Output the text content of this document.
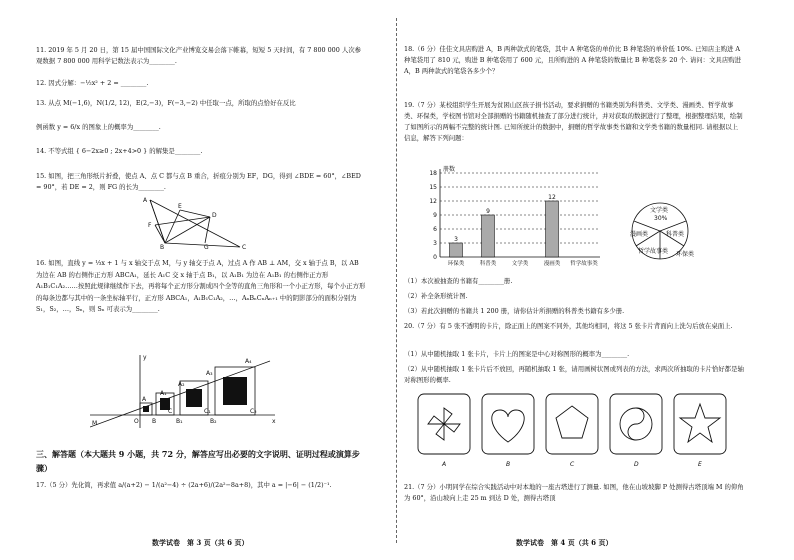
11. 2019 年 5 月 20 日，第 15 届中国国际文化产业博览交易会落下帷幕，短短 5 天时间，有 7 800 000 人次参观数据 7 800 000 用科学记数法表示为________.
12. 因式分解：−½x² + 2 = ________.
13. 从点 M(−1,6)，N(1/2, 12)，E(2,−3)，F(−3,−2) 中任取一点，所取的点恰好在反比
例函数 y = 6/x 的图象上的概率为________.
14. 不等式组 { 6−2x≥0 ; 2x+4>0 } 的解集是________.
15. 如图，把三角形纸片折叠，使点 A、点 C 都与点 B 重合，折痕分别为 EF，DG，得到 ∠BDE = 60°，∠BED = 90°，若 DE = 2，则 FG 的长为________.
A
E
D
F
B	G	C
16. 如图，直线 y = ⅓x + 1 与 x 轴交于点 M，与 y 轴交于点 A，过点 A 作 AB ⊥ AM，交 x 轴于点 B，以 AB 为边在 AB 的右侧作正方形 ABCA₁，延长 A₁C 交 x 轴于点 B₁，以 A₁B₁ 为边在 A₁B₁ 的右侧作正方形 A₁B₁C₁A₂……按照此规律继续作下去，再将每个正方形分割成四个全等的直角三角形和一个小正方形，每个小正方形的每条边都与其中的一条坐标轴平行，正方形 ABCA₁，A₁B₁C₁A₂，…，AₙBₙCₙAₙ₊₁ 中的阴影部分的面积分别为 S₁，S₂，…，Sₙ，则 Sₙ 可表示为________.
A₄
A₃
A₂
A₁
A
M	O B	B₁	B₂
C	C₁	C₂
x
y
三、解答题（本大题共 9 小题，共 72 分，解答应写出必要的文字说明、证明过程或演算步骤）
17.（5 分）先化简，再求值 a/(a+2) − 1/(a²−4) ÷ (2a+6)/(2a²−8a+8)，其中 a = |−6| − (1/2)⁻¹.
数学试卷　第 3 页（共 6 页）
18.（6 分）佳佳文具店购进 A，B 两种款式的笔袋，其中 A 种笔袋的单价比 B 种笔袋的单价低 10%. 已知店主购进 A 种笔袋用了 810 元，购进 B 种笔袋用了 600 元，且所购进的 A 种笔袋的数量比 B 种笔袋多 20 个. 请问：文具店购进 A，B 两种款式的笔袋各多少个？
19.（7 分）某校组织学生开展为贫困山区孩子捐书活动，要求捐赠的书籍类别为科普类、文学类、漫画类、哲学故事类、环保类，学校图书馆对全部捐赠的书籍随机抽查了部分进行统计，并对获取的数据进行了整理，根据整理结果，绘制了如图所示的两幅不完整的统计图. 已知所统计的数据中，捐赠的哲学故事类书籍和文学类书籍的数量相同. 请根据以上信息，解答下列问题：
0
3
6
9
12
15
18
3
环保类
9
科普类	文学类
12
漫画类 哲学故事类
册数
文学类
30%
科普类
漫画类
哲学故事类 环保类
（1）本次被抽查的书籍有________册.
（2）补全条形统计图.
（3）若此次捐赠的书籍共 1 200 册，请你估计所捐赠的科普类书籍有多少册.
20.（7 分）有 5 张不透明的卡片，除正面上的图案不同外，其他均相同，将这 5 张卡片背面向上洗匀后放在桌面上.
（1）从中随机抽取 1 张卡片，卡片上的图案是中心对称图形的概率为________.
（2）从中随机抽取 1 张卡片后不放回，再随机抽取 1 张，请用画树状图或列表的方法，求两次所抽取的卡片恰好都是轴对称图形的概率.
A	B	C	D	E
21.（7 分）小明同学在综合实践活动中对本地的一座古塔进行了测量. 如图，他在山坡坡脚 P 处测得古塔顶端 M 的仰角为 60°，沿山坡向上走 25 m 到达 D 处，测得古塔顶
数学试卷　第 4 页（共 6 页）
